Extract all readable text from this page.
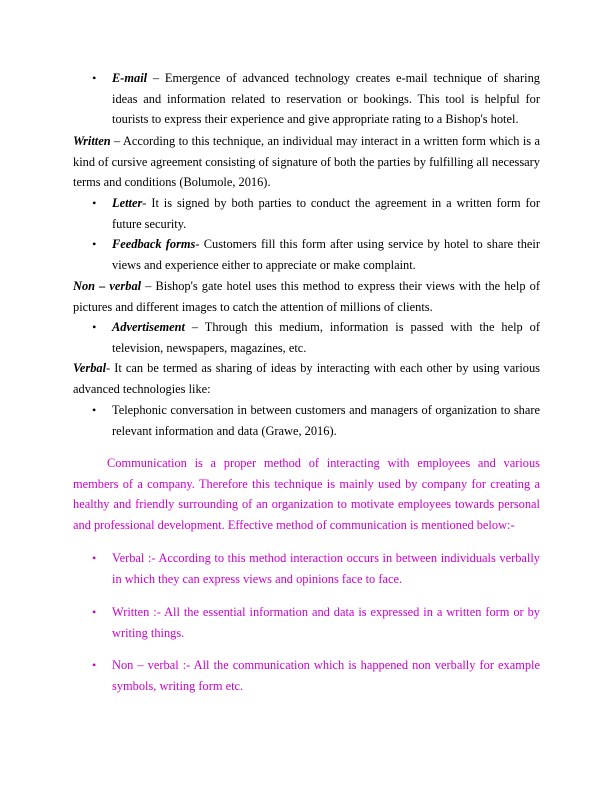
• E-mail – Emergence of advanced technology creates e-mail technique of sharing ideas and information related to reservation or bookings. This tool is helpful for tourists to express their experience and give appropriate rating to a Bishop's hotel.

Written – According to this technique, an individual may interact in a written form which is a kind of cursive agreement consisting of signature of both the parties by fulfilling all necessary terms and conditions (Bolumole, 2016).

• Letter- It is signed by both parties to conduct the agreement in a written form for future security.

• Feedback forms- Customers fill this form after using service by hotel to share their views and experience either to appreciate or make complaint.

Non – verbal – Bishop's gate hotel uses this method to express their views with the help of pictures and different images to catch the attention of millions of clients.

• Advertisement – Through this medium, information is passed with the help of television, newspapers, magazines, etc.

Verbal- It can be termed as sharing of ideas by interacting with each other by using various advanced technologies like:

• Telephonic conversation in between customers and managers of organization to share relevant information and data (Grawe, 2016).

Communication is a proper method of interacting with employees and various members of a company. Therefore this technique is mainly used by company for creating a healthy and friendly surrounding of an organization to motivate employees towards personal and professional development. Effective method of communication is mentioned below:-

• Verbal :- According to this method interaction occurs in between individuals verbally in which they can express views and opinions face to face.

• Written :- All the essential information and data is expressed in a written form or by writing things.

• Non – verbal :- All the communication which is happened non verbally for example symbols, writing form etc.
